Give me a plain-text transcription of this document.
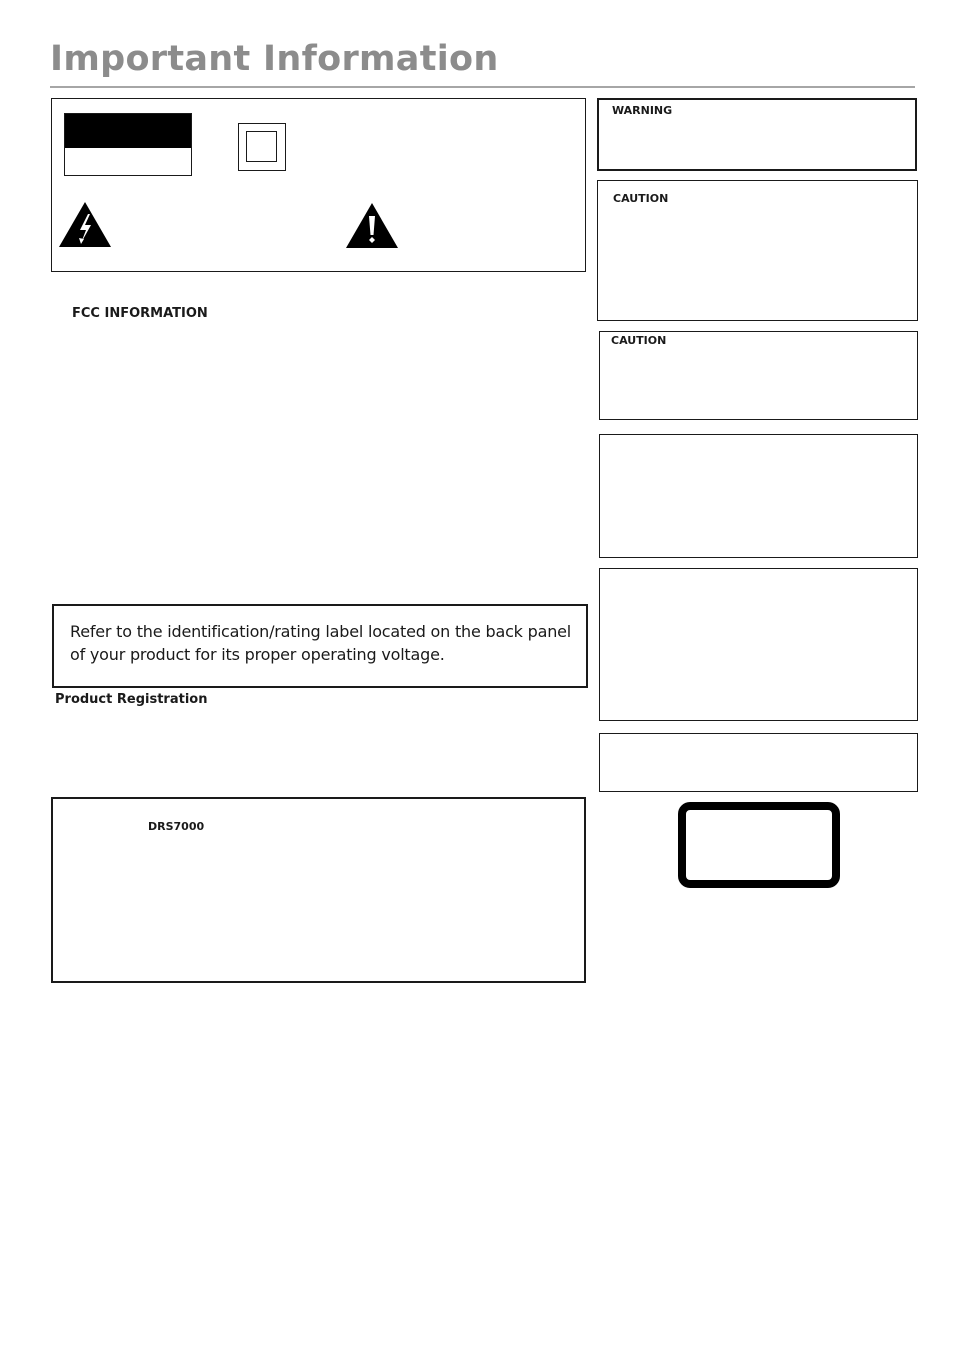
Important Information
FCC INFORMATION
Refer to the identification/rating label located on the back panel of your product for its proper operating voltage.
Product Registration
DRS7000
WARNING
CAUTION
CAUTION
